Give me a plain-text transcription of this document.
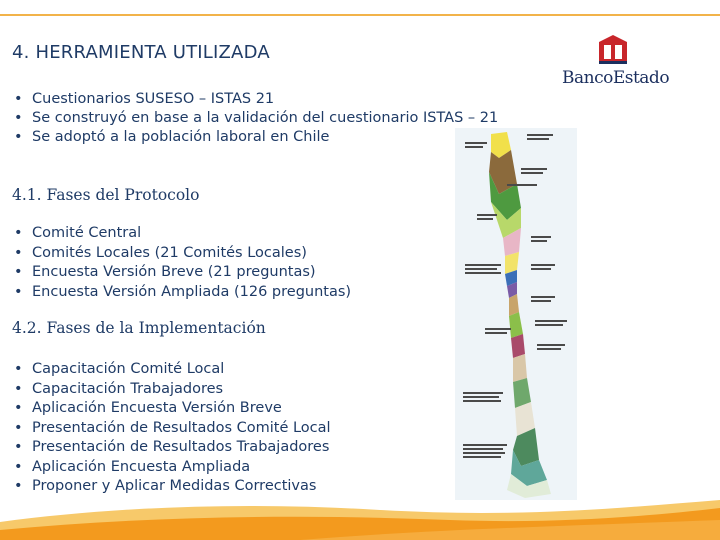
4. HERRAMIENTA UTILIZADA
BancoEstado
• Cuestionarios SUSESO – ISTAS 21
• Se construyó en base a la validación del cuestionario ISTAS – 21
• Se adoptó a la población laboral en Chile
4.1. Fases del Protocolo
• Comité Central
• Comités Locales (21 Comités Locales)
• Encuesta Versión Breve (21 preguntas)
• Encuesta Versión Ampliada (126 preguntas)
4.2. Fases de la Implementación
• Capacitación Comité Local
• Capacitación Trabajadores
• Aplicación Encuesta Versión Breve
• Presentación de Resultados Comité Local
• Presentación de Resultados Trabajadores
• Aplicación Encuesta Ampliada
• Proponer y Aplicar Medidas Correctivas
